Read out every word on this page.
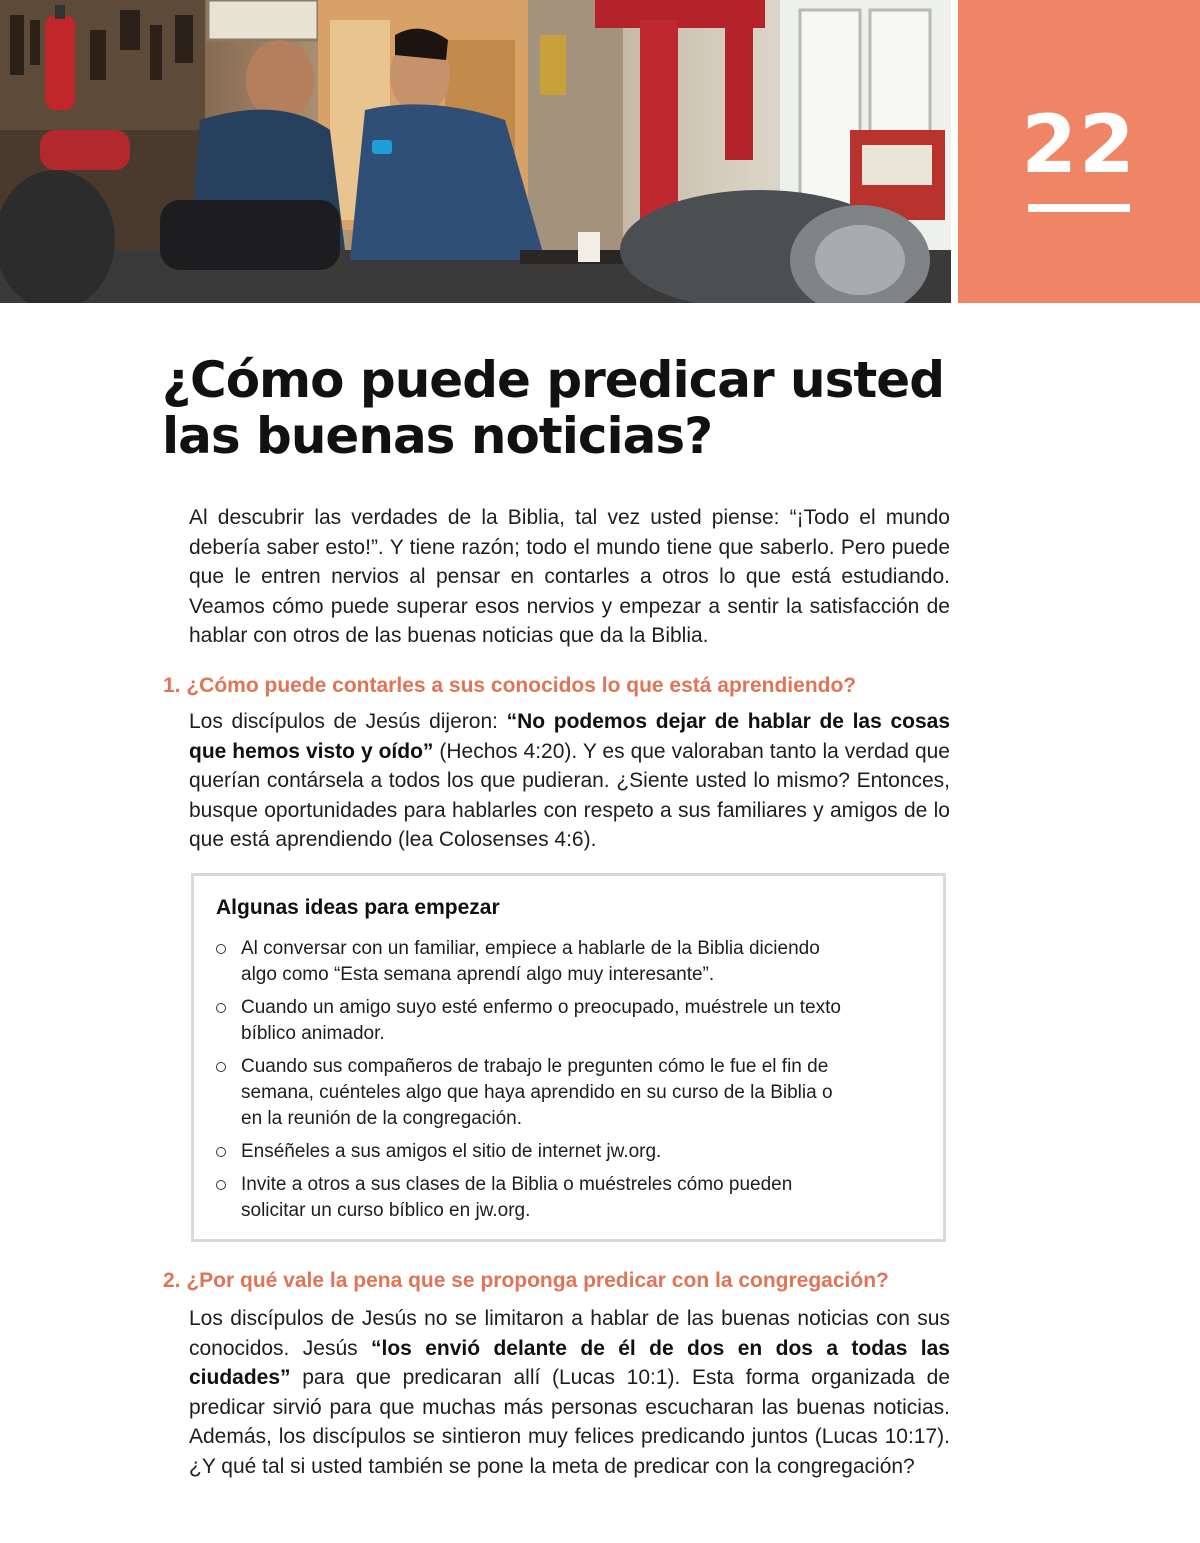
22
¿Cómo puede predicar usted
las buenas noticias?

Al descubrir las verdades de la Biblia, tal vez usted piense: “¡Todo el mundo debería saber esto!”. Y tiene razón; todo el mundo tiene que saberlo. Pero puede que le entren nervios al pensar en contarles a otros lo que está estudiando. Veamos cómo puede superar esos nervios y empezar a sentir la satisfacción de hablar con otros de las buenas noticias que da la Biblia.

1. ¿Cómo puede contarles a sus conocidos lo que está aprendiendo?

Los discípulos de Jesús dijeron: “No podemos dejar de hablar de las cosas que hemos visto y oído” (Hechos 4:20). Y es que valoraban tanto la verdad que querían contársela a todos los que pudieran. ¿Siente usted lo mismo? Entonces, busque oportunidades para hablarles con respeto a sus familiares y amigos de lo que está aprendiendo (lea Colosenses 4:6).

Algunas ideas para empezar
Al conversar con un familiar, empiece a hablarle de la Biblia diciendo algo como “Esta semana aprendí algo muy interesante”.
Cuando un amigo suyo esté enfermo o preocupado, muéstrele un texto bíblico animador.
Cuando sus compañeros de trabajo le pregunten cómo le fue el fin de semana, cuénteles algo que haya aprendido en su curso de la Biblia o en la reunión de la congregación.
Enséñeles a sus amigos el sitio de internet jw.org.
Invite a otros a sus clases de la Biblia o muéstreles cómo pueden solicitar un curso bíblico en jw.org.
2. ¿Por qué vale la pena que se proponga predicar con la congregación?

Los discípulos de Jesús no se limitaron a hablar de las buenas noticias con sus conocidos. Jesús “los envió delante de él de dos en dos a todas las ciudades” para que predicaran allí (Lucas 10:1). Esta forma organizada de predicar sirvió para que muchas más personas escucharan las buenas noticias. Además, los discípulos se sintieron muy felices predicando juntos (Lucas 10:17). ¿Y qué tal si usted también se pone la meta de predicar con la congregación?
